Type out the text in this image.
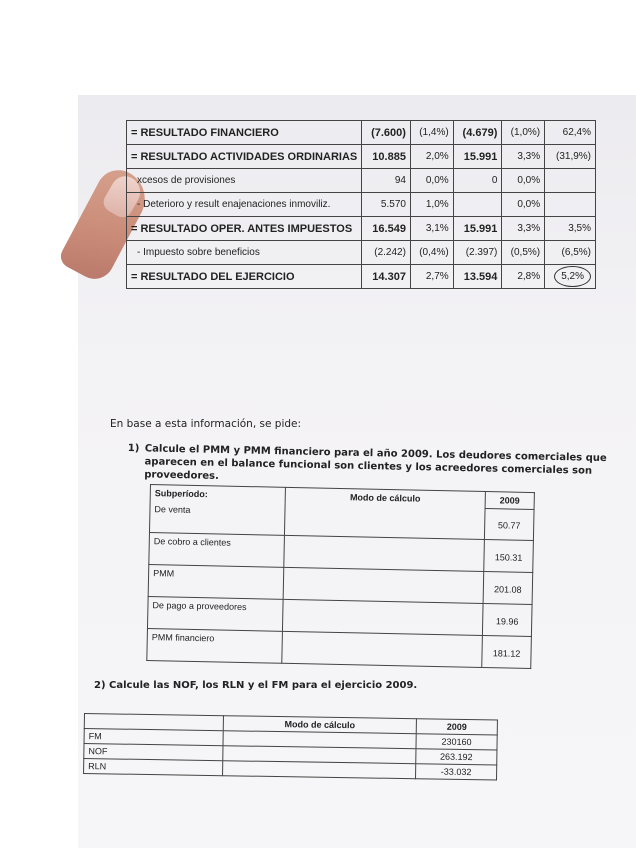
= RESULTADO FINANCIERO	(7.600)	(1,4%)	(4.679)	(1,0%)	62,4%
= RESULTADO ACTIVIDADES ORDINARIAS	10.885	2,0%	15.991	3,3%	(31,9%)
xcesos de provisiones	94	0,0%	0	0,0%	
- Deterioro y result enajenaciones inmoviliz.	5.570	1,0%		0,0%	
= RESULTADO OPER. ANTES IMPUESTOS	16.549	3,1%	15.991	3,3%	3,5%
- Impuesto sobre beneficios	(2.242)	(0,4%)	(2.397)	(0,5%)	(6,5%)
= RESULTADO DEL EJERCICIO	14.307	2,7%	13.594	2,8%	5,2%
En base a esta información, se pide:
1) Calcule el PMM y PMM financiero para el año 2009. Los deudores comerciales que aparecen en el balance funcional son clientes y los acreedores comerciales son proveedores.
Subperíodo:	Modo de cálculo	2009
De venta		50.77
De cobro a clientes		150.31
PMM		201.08
De pago a proveedores		19.96
PMM financiero		181.12
2) Calcule las NOF, los RLN y el FM para el ejercicio 2009.
	Modo de cálculo	2009
FM		230160
NOF		263.192
RLN		-33.032
